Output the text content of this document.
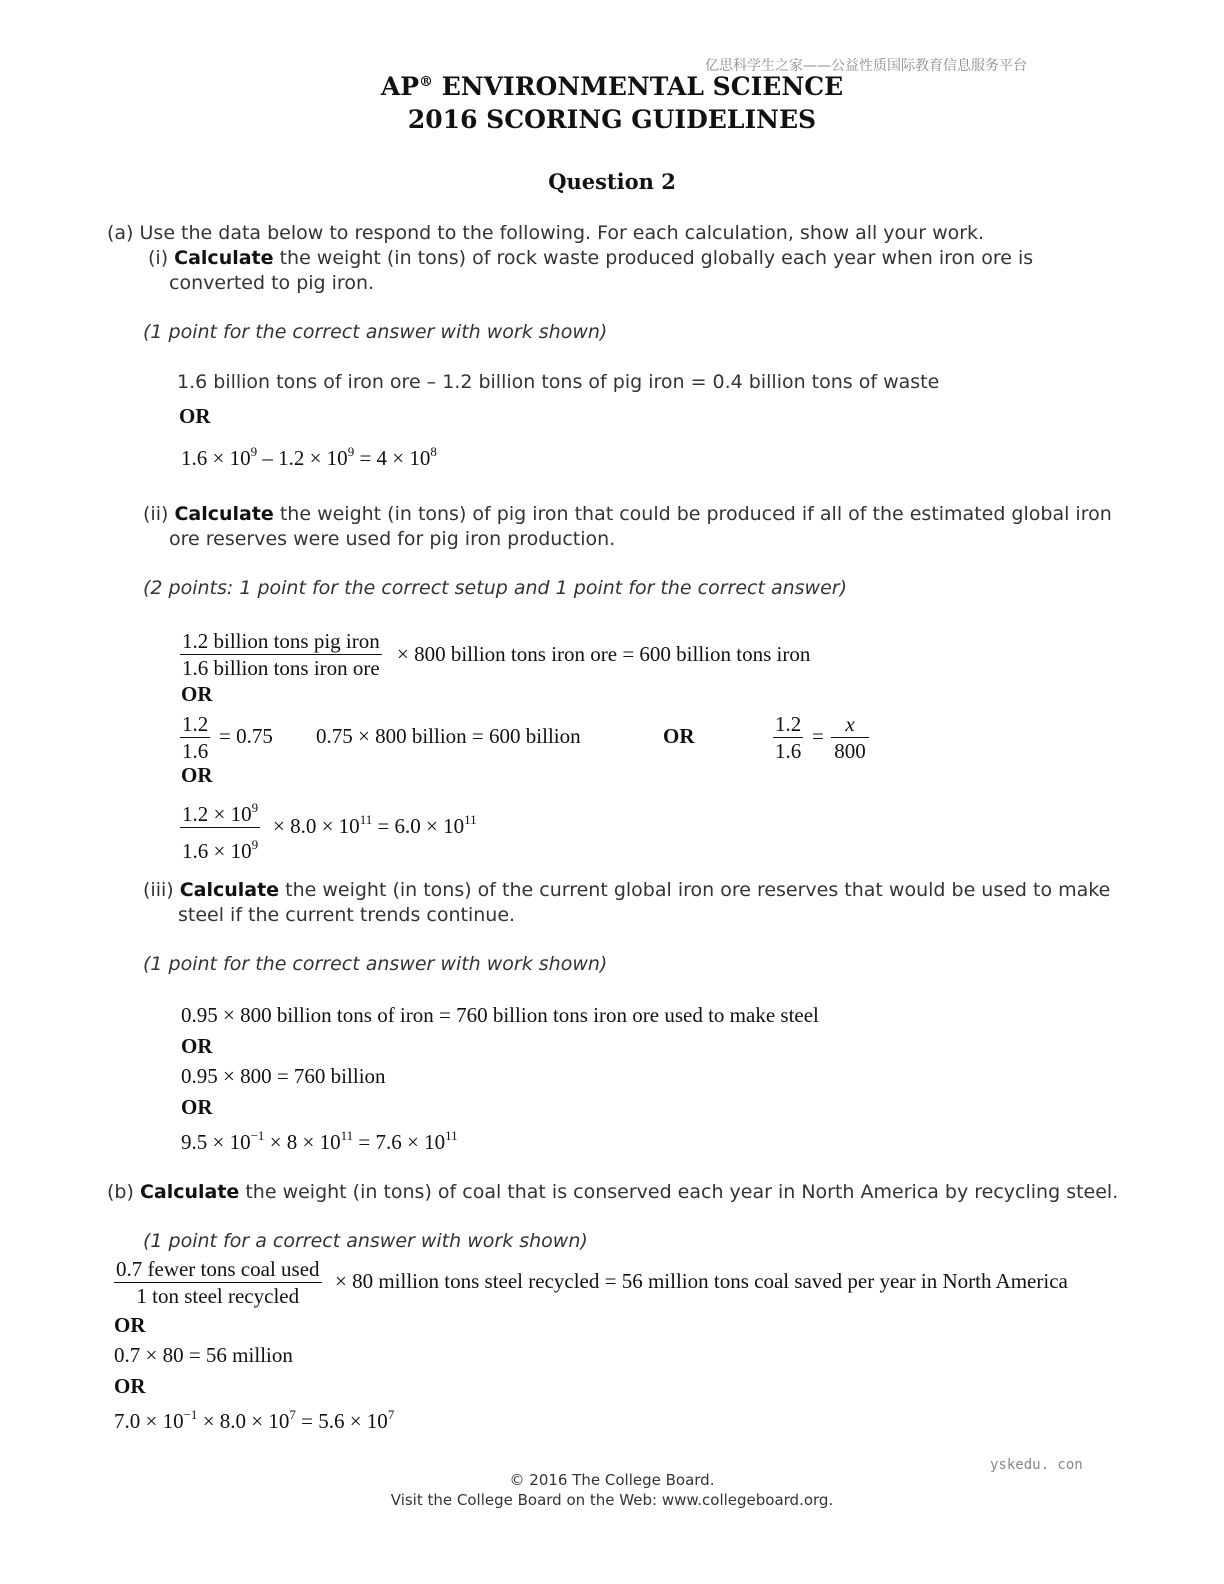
亿思科学生之家——公益性质国际教育信息服务平台
AP® ENVIRONMENTAL SCIENCE
2016 SCORING GUIDELINES
Question 2
(a) Use the data below to respond to the following. For each calculation, show all your work.
(i) Calculate the weight (in tons) of rock waste produced globally each year when iron ore is
converted to pig iron.
(1 point for the correct answer with work shown)
1.6 billion tons of iron ore – 1.2 billion tons of pig iron = 0.4 billion tons of waste
OR
$1.6 \times 10^9 - 1.2 \times 10^9 = 4 \times 10^8$
(ii) Calculate the weight (in tons) of pig iron that could be produced if all of the estimated global iron
ore reserves were used for pig iron production.
(2 points: 1 point for the correct setup and 1 point for the correct answer)
1.2 billion tons pig iron
1.6 billion tons iron ore
× 800 billion tons iron ore = 600 billion tons iron
OR
$\frac{1.2}{1.6} = 0.75$ 0.75 × 800 billion = 600 billion	OR	$\frac{1.2}{1.6} = \frac{x}{800}$
OR
$\frac{1.2 \times 10^9}{1.6 \times 10^9} \times 8.0 \times 10^{11} = 6.0 \times 10^{11}$
(iii) Calculate the weight (in tons) of the current global iron ore reserves that would be used to make
steel if the current trends continue.
(1 point for the correct answer with work shown)
0.95 × 800 billion tons of iron = 760 billion tons iron ore used to make steel
OR
0.95 × 800 = 760 billion
OR
$9.5 \times 10^{-1} \times 8 \times 10^{11} = 7.6 \times 10^{11}$
(b) Calculate the weight (in tons) of coal that is conserved each year in North America by recycling steel.
(1 point for a correct answer with work shown)
0.7 fewer tons coal used
1 ton steel recycled
× 80 million tons steel recycled = 56 million tons coal saved per year in North America
OR
0.7 × 80 = 56 million
OR
$7.0 \times 10^{-1} \times 8.0 \times 10^7 = 5.6 \times 10^7$
yskedu. con
© 2016 The College Board.
Visit the College Board on the Web: www.collegeboard.org.
